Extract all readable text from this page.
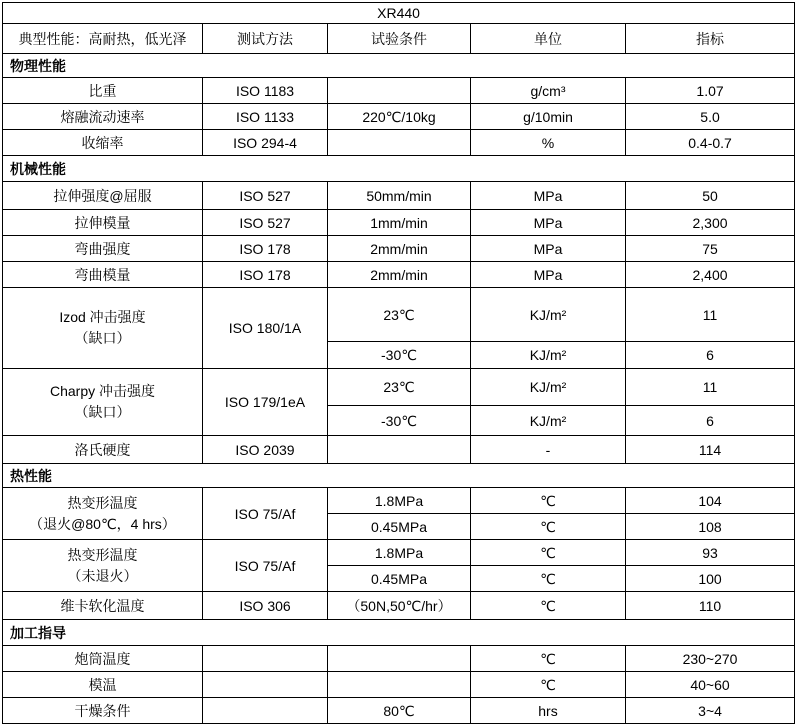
XR440				
典型性能：高耐热，低光泽	测试方法	试验条件	单位	指标
物理性能				
比重	ISO 1183		g/cm³	1.07
熔融流动速率	ISO 1133	220℃/10kg	g/10min	5.0
收缩率	ISO 294-4		%	0.4-0.7
机械性能				
拉伸强度@屈服	ISO 527	50mm/min	MPa	50
拉伸模量	ISO 527	1mm/min	MPa	2,300
弯曲强度	ISO 178	2mm/min	MPa	75
弯曲模量	ISO 178	2mm/min	MPa	2,400

Izod 冲击强度
（缺口）	ISO 180/1A	23℃	KJ/m²	11
		-30℃	KJ/m²	6

Charpy 冲击强度
（缺口）	ISO 179/1eA	23℃	KJ/m²	11
		-30℃	KJ/m²	6
洛氏硬度	ISO 2039		-	114
热性能				

热变形温度
（退火@80℃，4 hrs）	ISO 75/Af	1.8MPa	℃	104
		0.45MPa	℃	108

热变形温度
（未退火）	ISO 75/Af	1.8MPa	℃	93
		0.45MPa	℃	100
维卡软化温度	ISO 306	（50N,50℃/hr）	℃	110
加工指导				
炮筒温度			℃	230~270
模温			℃	40~60
干燥条件		80℃	hrs	3~4
